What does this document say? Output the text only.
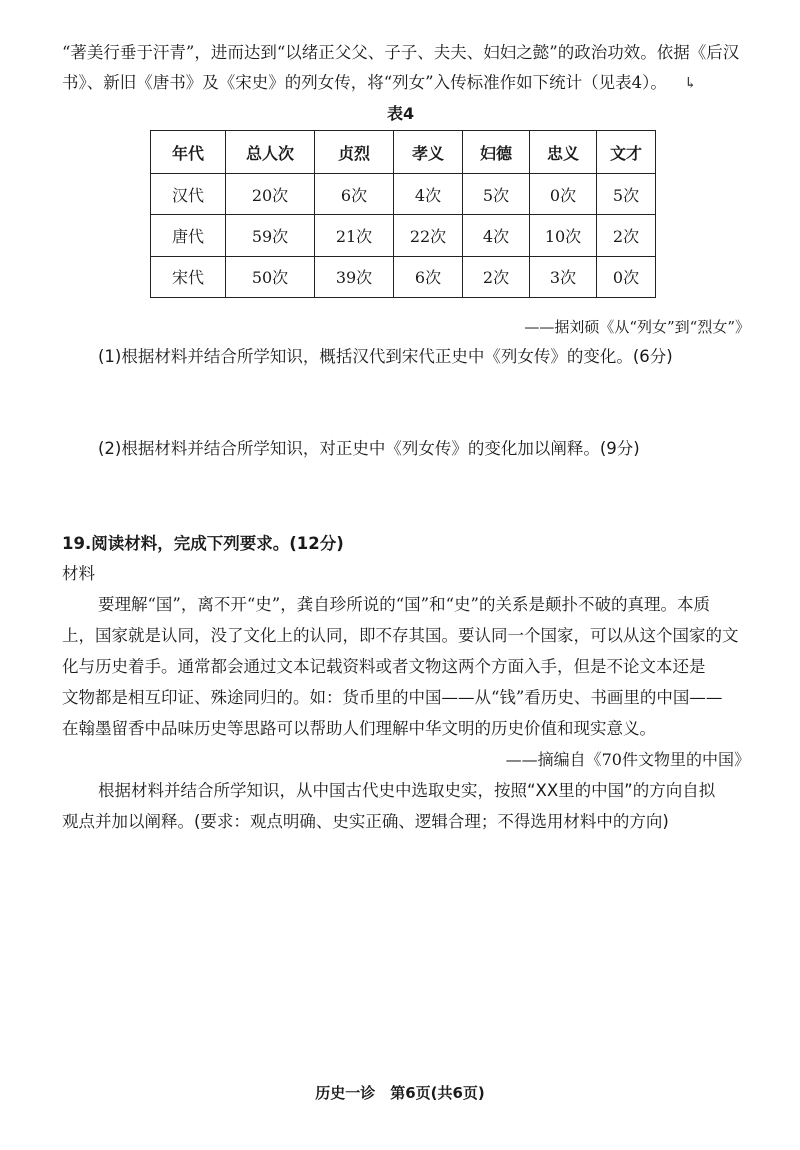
“著美行垂于汗青”，进而达到“以绪正父父、子子、夫夫、妇妇之懿”的政治功效。依据《后汉
书》、新旧《唐书》及《宋史》的列女传，将“列女”入传标准作如下统计（见表4）。 ↳
表4
年代	总人次	贞烈	孝义	妇德	忠义	文才
汉代	20次	6次	4次	5次	0次	5次
唐代	59次	21次	22次	4次	10次	2次
宋代	50次	39次	6次	2次	3次	0次
——据刘硕《从“列女”到“烈女”》
(1)根据材料并结合所学知识，概括汉代到宋代正史中《列女传》的变化。(6分)
(2)根据材料并结合所学知识，对正史中《列女传》的变化加以阐释。(9分)
19.阅读材料，完成下列要求。(12分)
材料
要理解“国”，离不开“史”，龚自珍所说的“国”和“史”的关系是颠扑不破的真理。本质
上，国家就是认同，没了文化上的认同，即不存其国。要认同一个国家，可以从这个国家的文
化与历史着手。通常都会通过文本记载资料或者文物这两个方面入手，但是不论文本还是
文物都是相互印证、殊途同归的。如：货币里的中国——从“钱”看历史、书画里的中国——
在翰墨留香中品味历史等思路可以帮助人们理解中华文明的历史价值和现实意义。
——摘编自《70件文物里的中国》
根据材料并结合所学知识，从中国古代史中选取史实，按照“XX里的中国”的方向自拟
观点并加以阐释。(要求：观点明确、史实正确、逻辑合理；不得选用材料中的方向)
历史一诊　第6页(共6页)
